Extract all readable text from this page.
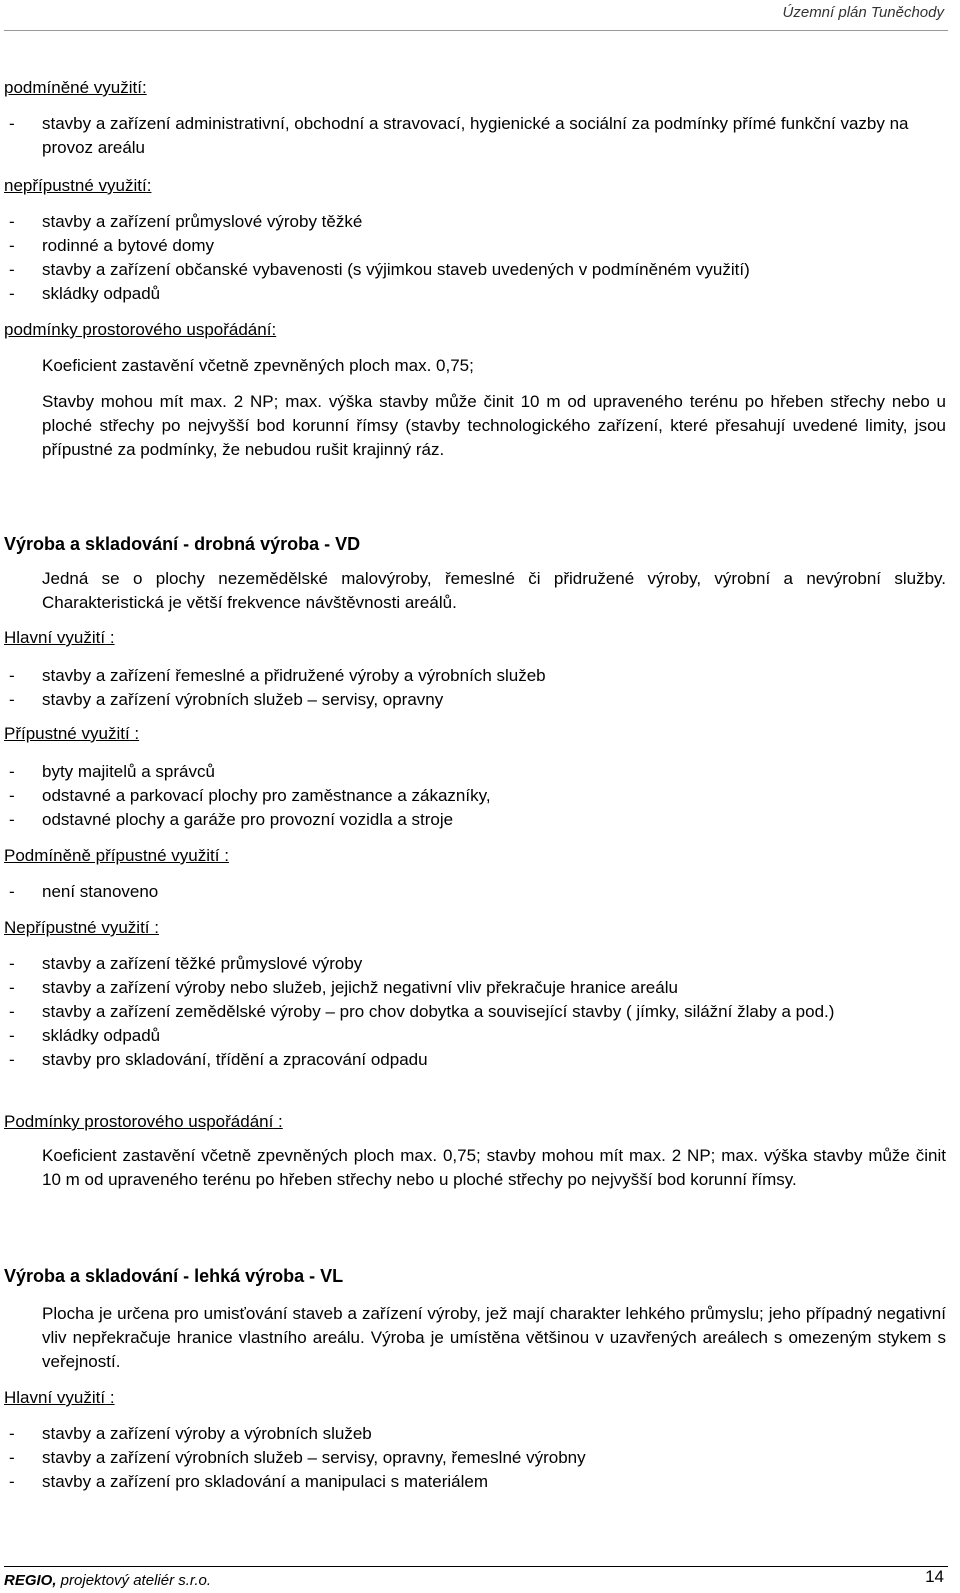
Územní plán Tuněchody

podmíněné využití:

- stavby a zařízení administrativní, obchodní a stravovací, hygienické a sociální za podmínky přímé funkční vazby na provoz areálu

nepřípustné využití:

- stavby a zařízení průmyslové výroby těžké
- rodinné a bytové domy
- stavby a zařízení občanské vybavenosti (s výjimkou staveb uvedených v podmíněném využití)
- skládky odpadů

podmínky prostorového uspořádání:

Koeficient zastavění včetně zpevněných ploch max. 0,75;
Stavby mohou mít max. 2 NP; max. výška stavby může činit 10 m od upraveného terénu po hřeben střechy nebo u ploché střechy po nejvyšší bod korunní římsy (stavby technologického zařízení, které přesahují uvedené limity, jsou přípustné za podmínky, že nebudou rušit krajinný ráz.

Výroba a skladování - drobná výroba - VD

Jedná se o plochy nezemědělské malovýroby, řemeslné či přidružené výroby, výrobní a nevýrobní služby. Charakteristická je větší frekvence návštěvnosti areálů.

Hlavní využití :

- stavby a zařízení řemeslné a přidružené výroby a výrobních služeb
- stavby a zařízení výrobních služeb – servisy, opravny

Přípustné využití :

- byty majitelů a správců
- odstavné a parkovací plochy pro zaměstnance a zákazníky,
- odstavné plochy a garáže pro provozní vozidla a stroje

Podmíněně přípustné využití :

- není stanoveno

Nepřípustné využití :

- stavby a zařízení těžké průmyslové výroby
- stavby a zařízení výroby nebo služeb, jejichž negativní vliv překračuje hranice areálu
- stavby a zařízení zemědělské výroby – pro chov dobytka a související stavby ( jímky, silážní žlaby a pod.)
- skládky odpadů
- stavby pro skladování, třídění a zpracování odpadu

Podmínky prostorového uspořádání :

Koeficient zastavění včetně zpevněných ploch max. 0,75; stavby mohou mít max. 2 NP; max. výška stavby může činit 10 m od upraveného terénu po hřeben střechy nebo u ploché střechy po nejvyšší bod korunní římsy.

Výroba a skladování - lehká výroba - VL

Plocha je určena pro umisťování staveb a zařízení výroby, jež mají charakter lehkého průmyslu; jeho případný negativní vliv nepřekračuje hranice vlastního areálu. Výroba je umístěna většinou v uzavřených areálech s omezeným stykem s veřejností.

Hlavní využití :

- stavby a zařízení výroby a výrobních služeb
- stavby a zařízení výrobních služeb – servisy, opravny, řemeslné výrobny
- stavby a zařízení pro skladování a manipulaci s materiálem
REGIO, projektový ateliér s.r.o.	14
